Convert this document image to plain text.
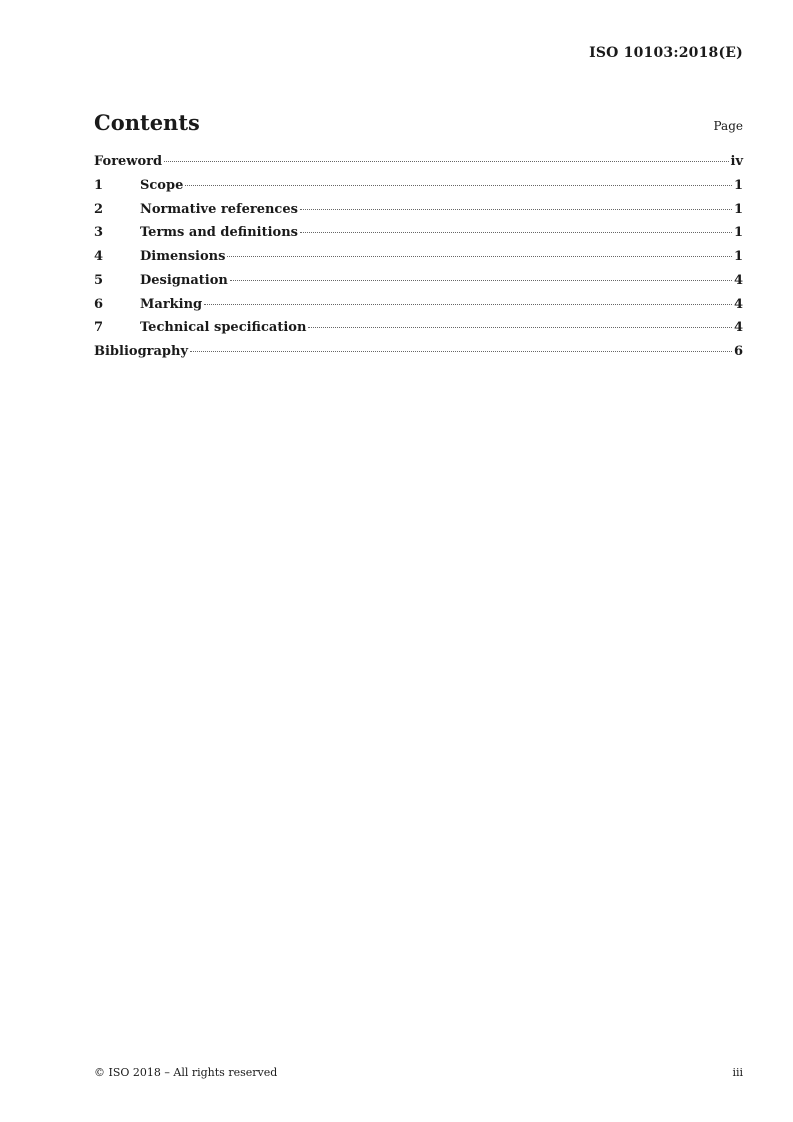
ISO 10103:2018(E)
Contents	Page
Foreword	iv
1	Scope	1
2	Normative references	1
3	Terms and definitions	1
4	Dimensions	1
5	Designation	4
6	Marking	4
7	Technical specification	4
Bibliography	6
© ISO 2018 – All rights reserved	iii
